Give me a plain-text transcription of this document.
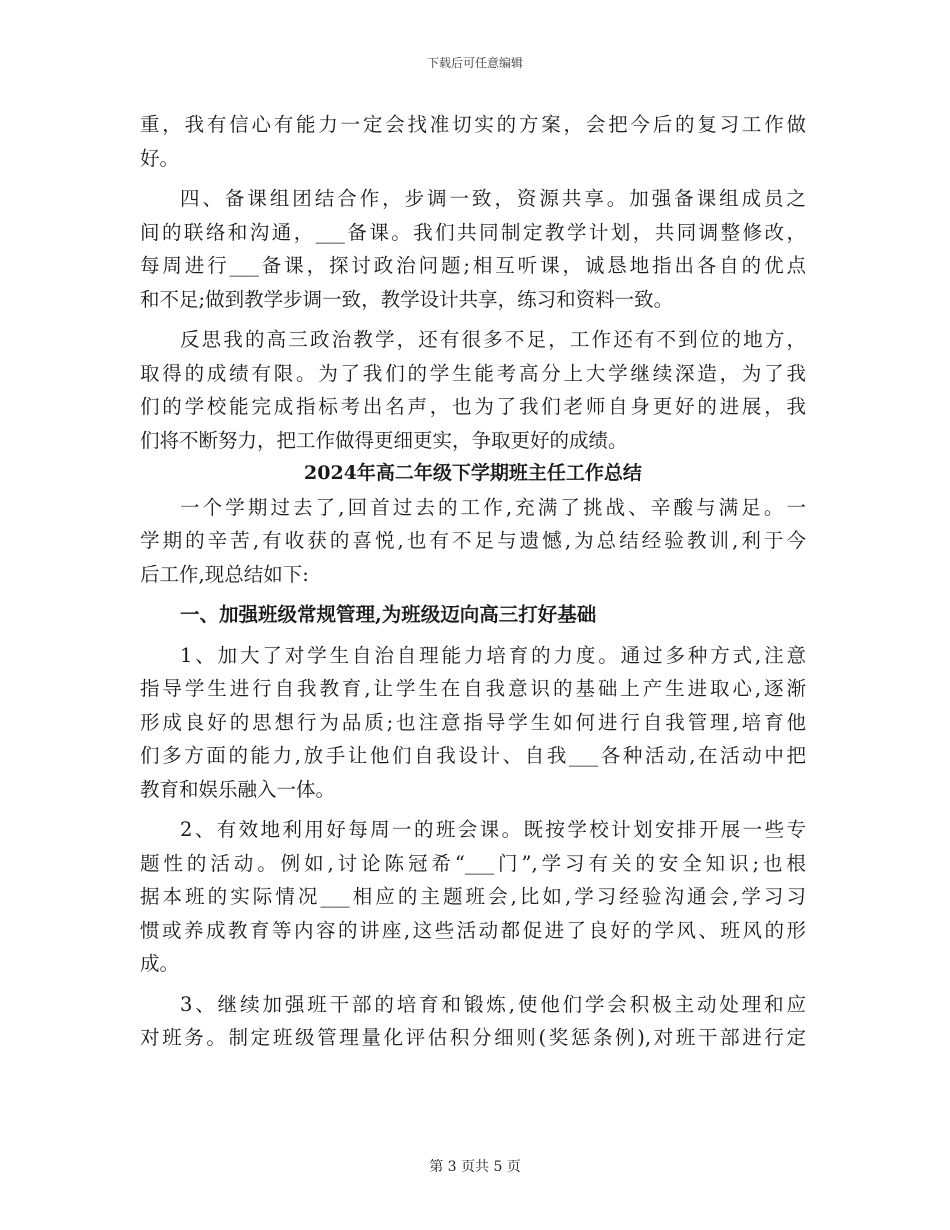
下载后可任意编辑
重，我有信心有能力一定会找准切实的方案，会把今后的复习工作做
好。
四、备课组团结合作，步调一致，资源共享。加强备课组成员之
间的联络和沟通，___备课。我们共同制定教学计划，共同调整修改，
每周进行___备课，探讨政治问题;相互听课，诚恳地指出各自的优点
和不足;做到教学步调一致，教学设计共享，练习和资料一致。
反思我的高三政治教学，还有很多不足，工作还有不到位的地方，
取得的成绩有限。为了我们的学生能考高分上大学继续深造，为了我
们的学校能完成指标考出名声，也为了我们老师自身更好的进展，我
们将不断努力，把工作做得更细更实，争取更好的成绩。
2024年高二年级下学期班主任工作总结
一个学期过去了,回首过去的工作,充满了挑战、辛酸与满足。一
学期的辛苦,有收获的喜悦,也有不足与遗憾,为总结经验教训,利于今
后工作,现总结如下:
一、加强班级常规管理,为班级迈向高三打好基础
1、加大了对学生自治自理能力培育的力度。通过多种方式,注意
指导学生进行自我教育,让学生在自我意识的基础上产生进取心,逐渐
形成良好的思想行为品质;也注意指导学生如何进行自我管理,培育他
们多方面的能力,放手让他们自我设计、自我___各种活动,在活动中把
教育和娱乐融入一体。
2、有效地利用好每周一的班会课。既按学校计划安排开展一些专
题性的活动。例如,讨论陈冠希“___门”,学习有关的安全知识;也根
据本班的实际情况___相应的主题班会,比如,学习经验沟通会,学习习
惯或养成教育等内容的讲座,这些活动都促进了良好的学风、班风的形
成。
3、继续加强班干部的培育和锻炼,使他们学会积极主动处理和应
对班务。制定班级管理量化评估积分细则(奖惩条例),对班干部进行定
第 3 页共 5 页
